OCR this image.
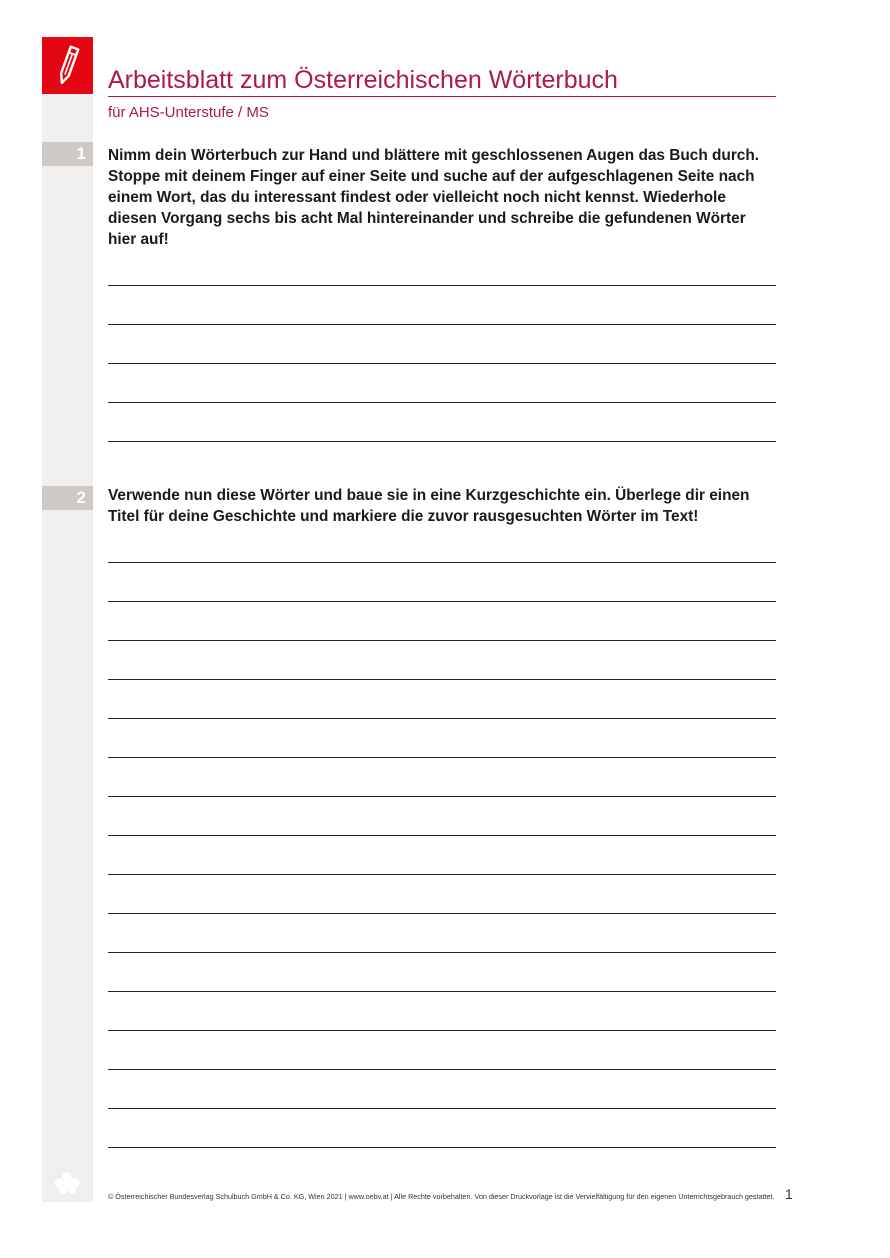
Arbeitsblatt zum Österreichischen Wörterbuch
für AHS-Unterstufe / MS
1	Nimm dein Wörterbuch zur Hand und blättere mit geschlossenen Augen das Buch durch. Stoppe mit deinem Finger auf einer Seite und suche auf der aufgeschlagenen Seite nach einem Wort, das du interessant findest oder vielleicht noch nicht kennst. Wiederhole diesen Vorgang sechs bis acht Mal hintereinander und schreibe die gefundenen Wörter hier auf!
2	Verwende nun diese Wörter und baue sie in eine Kurzgeschichte ein. Überlege dir einen Titel für deine Geschichte und markiere die zuvor rausgesuchten Wörter im Text!
© Österreichischer Bundesverlag Schulbuch GmbH & Co. KG, Wien 2021 | www.oebv.at | Alle Rechte vorbehalten. Von dieser Druckvorlage ist die Vervielfältigung für den eigenen Unterrichtsgebrauch gestattet. 1
